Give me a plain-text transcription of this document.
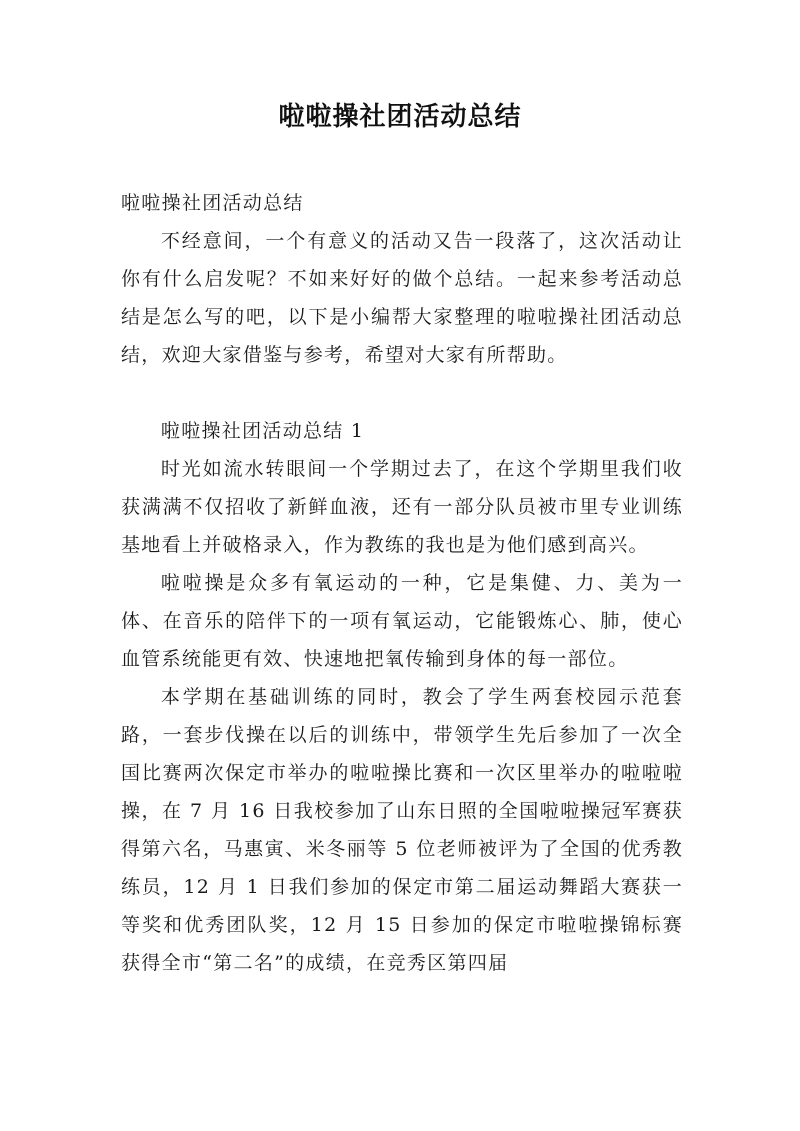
啦啦操社团活动总结

啦啦操社团活动总结

不经意间，一个有意义的活动又告一段落了，这次活动让你有什么启发呢？不如来好好的做个总结。一起来参考活动总结是怎么写的吧，以下是小编帮大家整理的啦啦操社团活动总结，欢迎大家借鉴与参考，希望对大家有所帮助。

啦啦操社团活动总结 1

时光如流水转眼间一个学期过去了，在这个学期里我们收获满满不仅招收了新鲜血液，还有一部分队员被市里专业训练基地看上并破格录入，作为教练的我也是为他们感到高兴。

啦啦操是众多有氧运动的一种，它是集健、力、美为一体、在音乐的陪伴下的一项有氧运动，它能锻炼心、肺，使心血管系统能更有效、快速地把氧传输到身体的每一部位。

本学期在基础训练的同时，教会了学生两套校园示范套路，一套步伐操在以后的训练中，带领学生先后参加了一次全国比赛两次保定市举办的啦啦操比赛和一次区里举办的啦啦啦操，在 7 月 16 日我校参加了山东日照的全国啦啦操冠军赛获得第六名，马惠寅、米冬丽等 5 位老师被评为了全国的优秀教练员，12 月 1 日我们参加的保定市第二届运动舞蹈大赛获一等奖和优秀团队奖，12 月 15 日参加的保定市啦啦操锦标赛获得全市“第二名”的成绩，在竞秀区第四届
